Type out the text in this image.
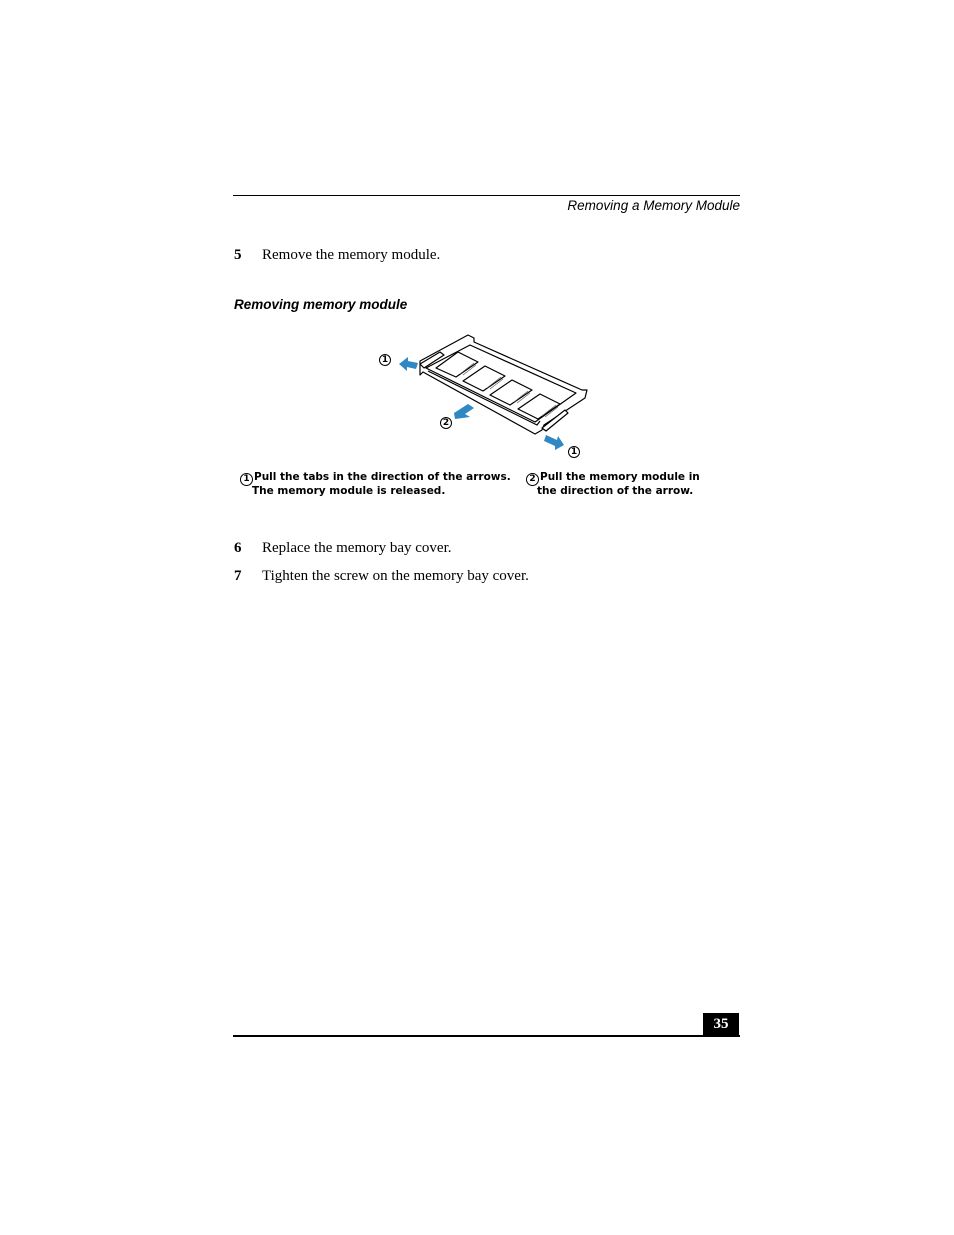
Removing a Memory Module
5 Remove the memory module.
Removing memory module
1
2
1
1 Pull the tabs in the direction of the arrows.
The memory module is released.
2 Pull the memory module in
the direction of the arrow.
6 Replace the memory bay cover.
7 Tighten the screw on the memory bay cover.
35
